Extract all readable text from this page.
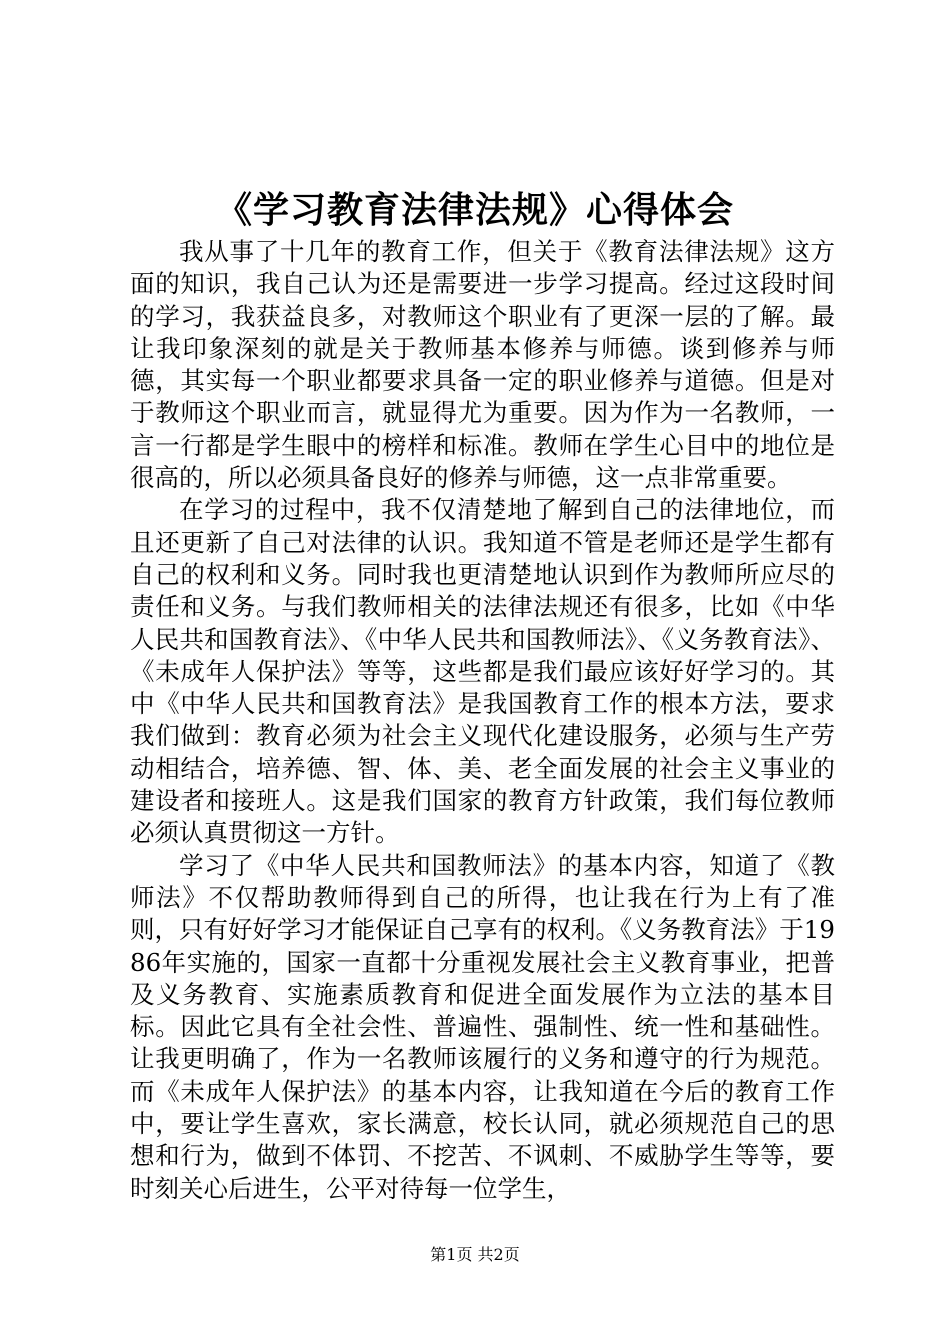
《学习教育法律法规》心得体会

我从事了十几年的教育工作，但关于《教育法律法规》这方面的知识，我自己认为还是需要进一步学习提高。经过这段时间的学习，我获益良多，对教师这个职业有了更深一层的了解。最让我印象深刻的就是关于教师基本修养与师德。谈到修养与师德，其实每一个职业都要求具备一定的职业修养与道德。但是对于教师这个职业而言，就显得尤为重要。因为作为一名教师，一言一行都是学生眼中的榜样和标准。教师在学生心目中的地位是很高的，所以必须具备良好的修养与师德，这一点非常重要。

在学习的过程中，我不仅清楚地了解到自己的法律地位，而且还更新了自己对法律的认识。我知道不管是老师还是学生都有自己的权利和义务。同时我也更清楚地认识到作为教师所应尽的责任和义务。与我们教师相关的法律法规还有很多，比如《中华人民共和国教育法》、《中华人民共和国教师法》、《义务教育法》、《未成年人保护法》等等，这些都是我们最应该好好学习的。其中《中华人民共和国教育法》是我国教育工作的根本方法，要求我们做到：教育必须为社会主义现代化建设服务，必须与生产劳动相结合，培养德、智、体、美、老全面发展的社会主义事业的建设者和接班人。这是我们国家的教育方针政策，我们每位教师必须认真贯彻这一方针。

学习了《中华人民共和国教师法》的基本内容，知道了《教师法》不仅帮助教师得到自己的所得，也让我在行为上有了准则，只有好好学习才能保证自己享有的权利。《义务教育法》于1986年实施的，国家一直都十分重视发展社会主义教育事业，把普及义务教育、实施素质教育和促进全面发展作为立法的基本目标。因此它具有全社会性、普遍性、强制性、统一性和基础性。让我更明确了，作为一名教师该履行的义务和遵守的行为规范。而《未成年人保护法》的基本内容，让我知道在今后的教育工作中，要让学生喜欢，家长满意，校长认同，就必须规范自己的思想和行为，做到不体罚、不挖苦、不讽刺、不威胁学生等等，要时刻关心后进生，公平对待每一位学生，

第1页 共2页
